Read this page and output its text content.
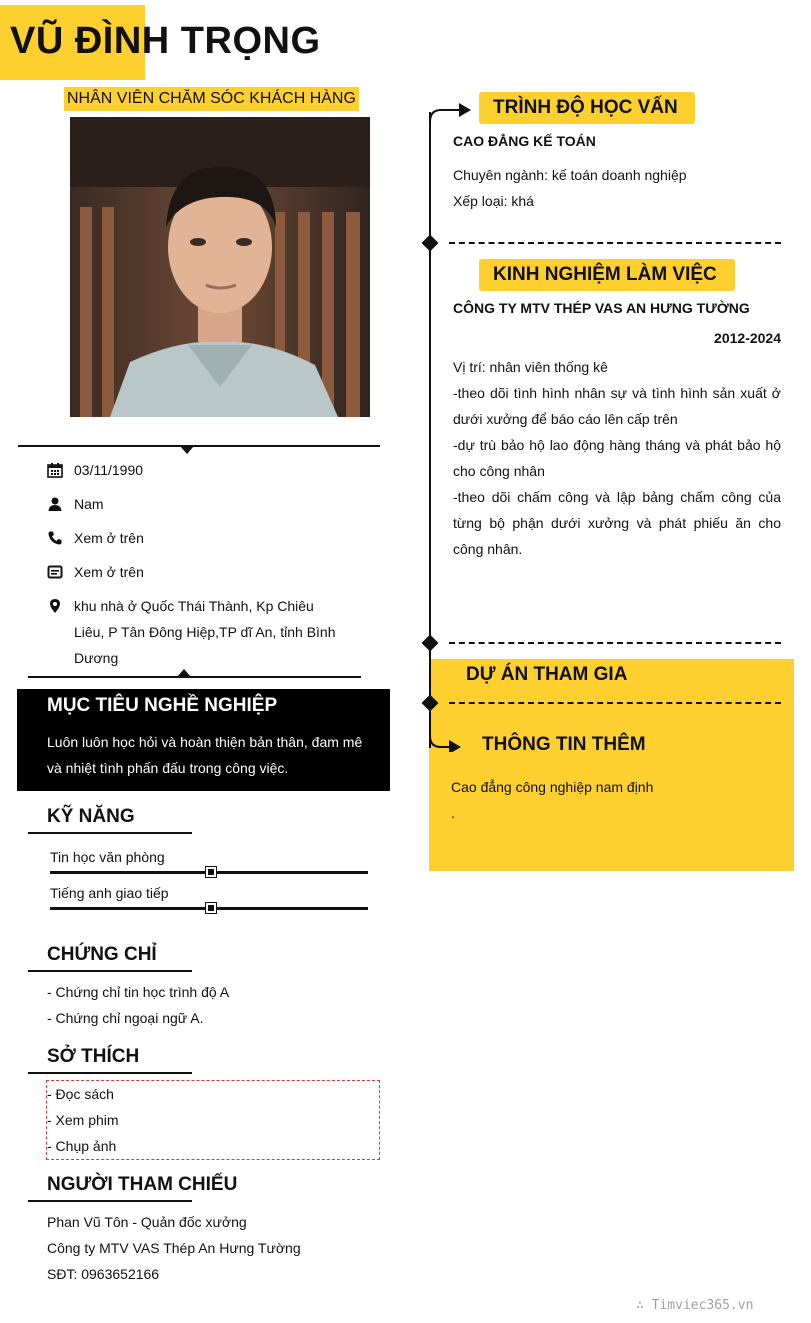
VŨ ĐÌNH TRỌNG
NHÂN VIÊN CHĂM SÓC KHÁCH HÀNG
03/11/1990
Nam
Xem ở trên
Xem ở trên
khu nhà ở Quốc Thái Thành, Kp Chiêu Liêu, P Tân Đông Hiệp,TP dĩ An, tỉnh Bình Dương
MỤC TIÊU NGHỀ NGHIỆP

Luôn luôn học hỏi và hoàn thiện bản thân, đam mê và nhiệt tình phấn đấu trong công việc.

KỸ NĂNG
Tin học văn phòng
Tiếng anh giao tiếp
CHỨNG CHỈ
- Chứng chỉ tin học trình độ A
- Chứng chỉ ngoại ngữ A.
SỞ THÍCH
- Đọc sách
- Xem phim
- Chụp ảnh
NGƯỜI THAM CHIẾU
Phan Vũ Tôn - Quản đốc xưởng
Công ty MTV VAS Thép An Hưng Tường
SĐT: 0963652166
TRÌNH ĐỘ HỌC VẤN
CAO ĐẲNG KẾ TOÁN
Chuyên ngành: kế toán doanh nghiệp
Xếp loại: khá
KINH NGHIỆM LÀM VIỆC
CÔNG TY MTV THÉP VAS AN HƯNG TƯỜNG
2012-2024
Vị trí: nhân viên thống kê
-theo dõi tình hình nhân sự và tình hình sản xuất ở dưới xưởng để báo cáo lên cấp trên
-dự trù bảo hộ lao động hàng tháng và phát bảo hộ cho công nhân
-theo dõi chấm công và lập bảng chấm công của từng bộ phận dưới xưởng và phát phiếu ăn cho công nhân.
DỰ ÁN THAM GIA
THÔNG TIN THÊM
Cao đẳng công nghiệp nam định
.
∴ Timviec365.vn
